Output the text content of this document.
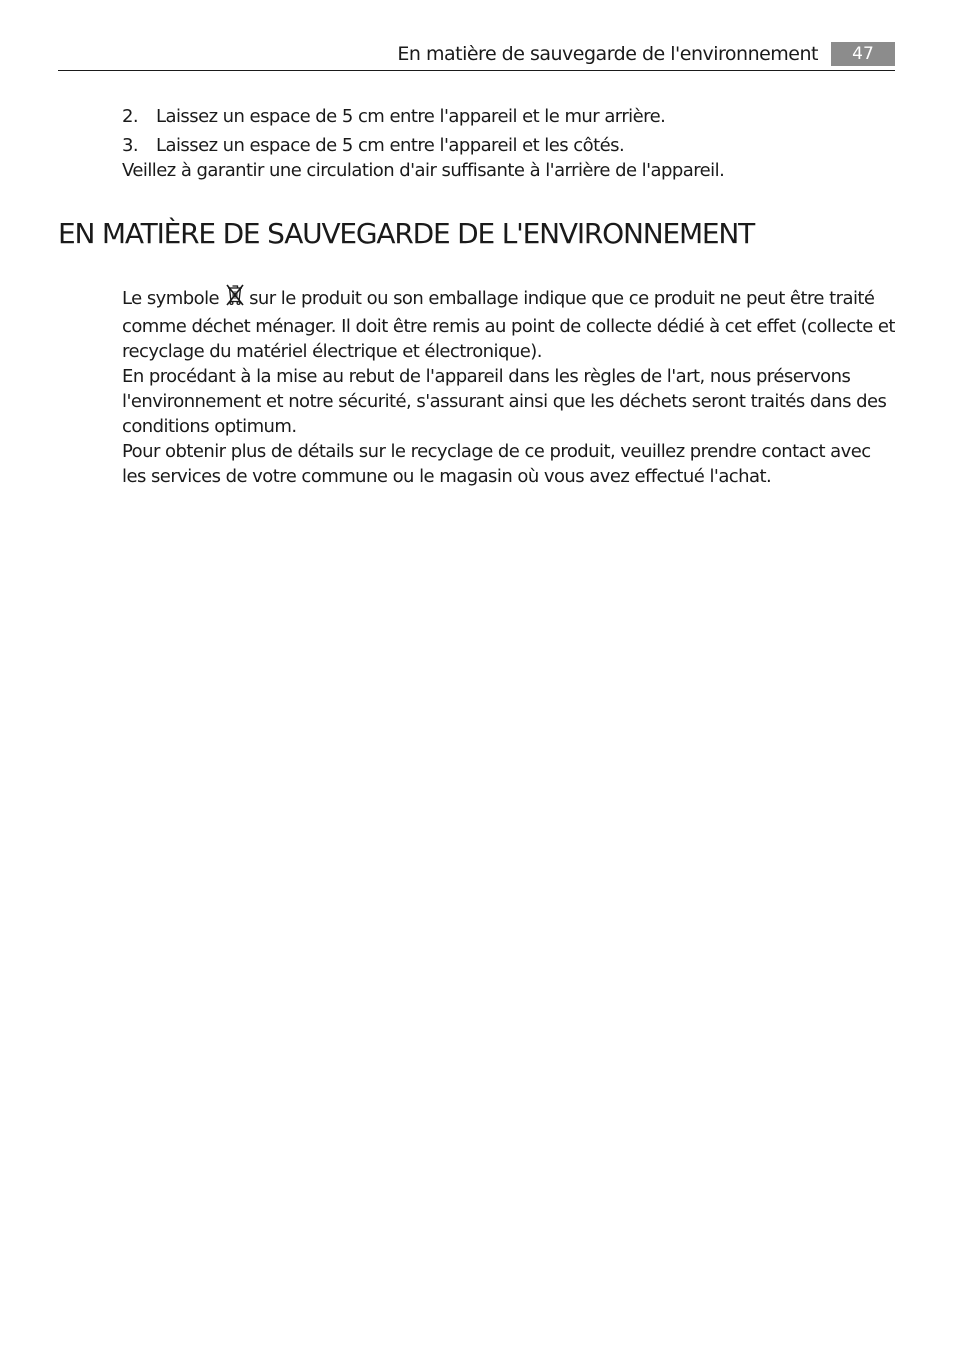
En matière de sauvegarde de l'environnement	47
2. Laissez un espace de 5 cm entre l'appareil et le mur arrière.
3. Laissez un espace de 5 cm entre l'appareil et les côtés.
Veillez à garantir une circulation d'air suffisante à l'arrière de l'appareil.
EN MATIÈRE DE SAUVEGARDE DE L'ENVIRONNEMENT

Le symbole sur le produit ou son emballage indique que ce produit ne peut être traité comme déchet ménager. Il doit être remis au point de collecte dédié à cet effet (collecte et recyclage du matériel électrique et électronique).

En procédant à la mise au rebut de l'appareil dans les règles de l'art, nous préservons l'environnement et notre sécurité, s'assurant ainsi que les déchets seront traités dans des conditions optimum.

Pour obtenir plus de détails sur le recyclage de ce produit, veuillez prendre contact avec les services de votre commune ou le magasin où vous avez effectué l'achat.
